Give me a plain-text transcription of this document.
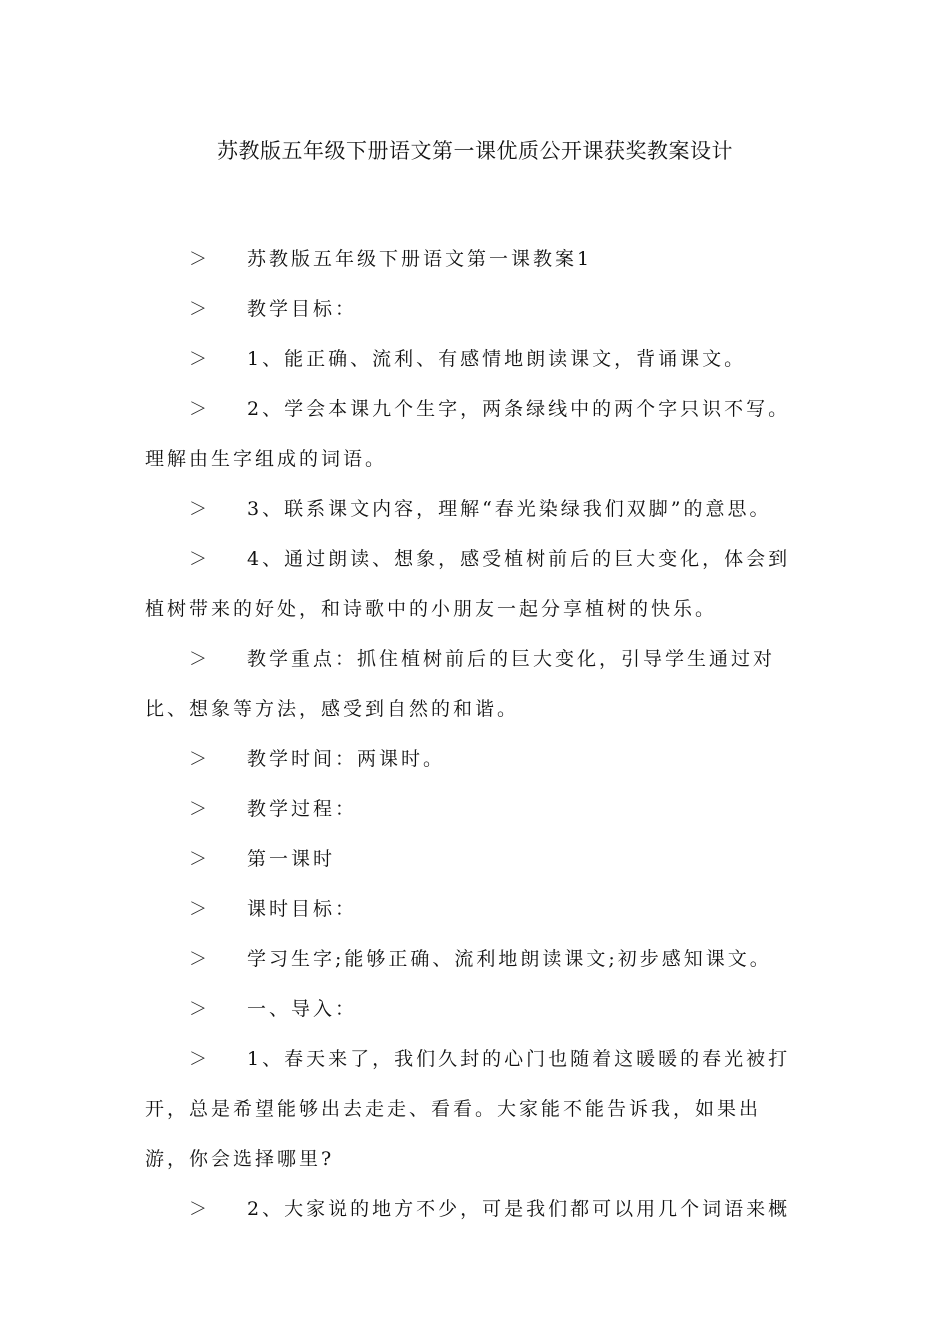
苏教版五年级下册语文第一课优质公开课获奖教案设计
＞	苏教版五年级下册语文第一课教案1
＞	教学目标：
＞	1、能正确、流利、有感情地朗读课文，背诵课文。
＞	2、学会本课九个生字，两条绿线中的两个字只识不写。
理解由生字组成的词语。
＞	3、联系课文内容，理解“春光染绿我们双脚”的意思。
＞	4、通过朗读、想象，感受植树前后的巨大变化，体会到
植树带来的好处，和诗歌中的小朋友一起分享植树的快乐。
＞	教学重点：抓住植树前后的巨大变化，引导学生通过对
比、想象等方法，感受到自然的和谐。
＞	教学时间：两课时。
＞	教学过程：
＞	第一课时
＞	课时目标：
＞	学习生字;能够正确、流利地朗读课文;初步感知课文。
＞	一、导入：
＞	1、春天来了，我们久封的心门也随着这暖暖的春光被打
开，总是希望能够出去走走、看看。大家能不能告诉我，如果出
游，你会选择哪里?
＞	2、大家说的地方不少，可是我们都可以用几个词语来概
